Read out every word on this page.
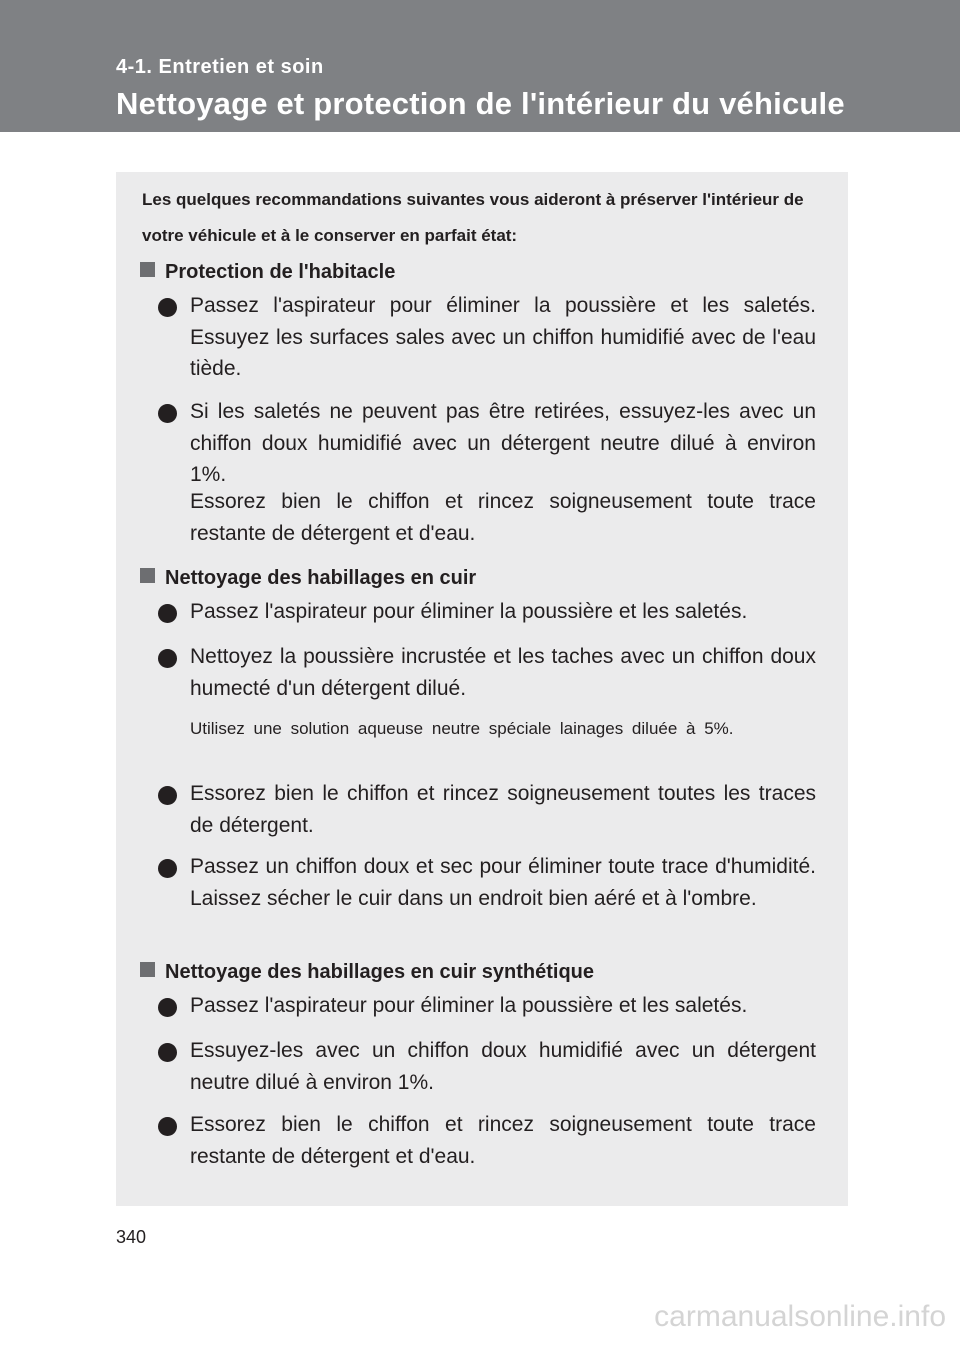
4-1. Entretien et soin
Nettoyage et protection de l'intérieur du véhicule
Les quelques recommandations suivantes vous aideront à préserver l'intérieur de votre véhicule et à le conserver en parfait état:
Protection de l'habitacle
Passez l'aspirateur pour éliminer la poussière et les saletés. Essuyez les surfaces sales avec un chiffon humidifié avec de l'eau tiède.
Si les saletés ne peuvent pas être retirées, essuyez-les avec un chiffon doux humidifié avec un détergent neutre dilué à environ 1%.
Essorez bien le chiffon et rincez soigneusement toute trace restante de détergent et d'eau.
Nettoyage des habillages en cuir
Passez l'aspirateur pour éliminer la poussière et les saletés.
Nettoyez la poussière incrustée et les taches avec un chiffon doux humecté d'un détergent dilué.
Utilisez une solution aqueuse neutre spéciale lainages diluée à 5%.
Essorez bien le chiffon et rincez soigneusement toutes les traces de détergent.
Passez un chiffon doux et sec pour éliminer toute trace d'humidité. Laissez sécher le cuir dans un endroit bien aéré et à l'ombre.
Nettoyage des habillages en cuir synthétique
Passez l'aspirateur pour éliminer la poussière et les saletés.
Essuyez-les avec un chiffon doux humidifié avec un détergent neutre dilué à environ 1%.
Essorez bien le chiffon et rincez soigneusement toute trace restante de détergent et d'eau.
340
carmanualsonline.info
